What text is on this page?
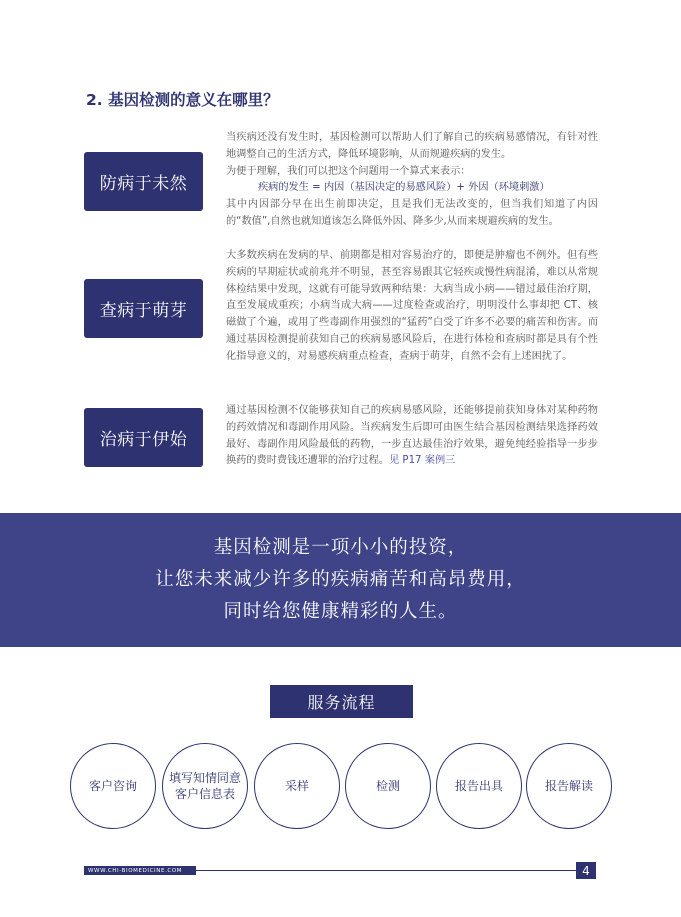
2. 基因检测的意义在哪里？
防病于未然

当疾病还没有发生时，基因检测可以帮助人们了解自己的疾病易感情况，有针对性地调整自己的生活方式，降低环境影响，从而规避疾病的发生。

为便于理解，我们可以把这个问题用一个算式来表示：

疾病的发生 = 内因（基因决定的易感风险）+ 外因（环境刺激）

其中内因部分早在出生前即决定，且是我们无法改变的，但当我们知道了内因的“数值”,自然也就知道该怎么降低外因、降多少,从而来规避疾病的发生。

查病于萌芽
大多数疾病在发病的早、前期都是相对容易治疗的，即便是肿瘤也不例外。但有些疾病的早期症状或前兆并不明显，甚至容易跟其它轻疾或慢性病混淆，难以从常规体检结果中发现，这就有可能导致两种结果：大病当成小病——错过最佳治疗期，直至发展成重疾；小病当成大病——过度检查或治疗，明明没什么事却把 CT、核磁做了个遍，或用了些毒副作用强烈的“猛药”白受了许多不必要的痛苦和伤害。而通过基因检测提前获知自己的疾病易感风险后，在进行体检和查病时都是具有个性化指导意义的，对易感疾病重点检查，查病于萌芽，自然不会有上述困扰了。
治病于伊始
通过基因检测不仅能够获知自己的疾病易感风险，还能够提前获知身体对某种药物的药效情况和毒副作用风险。当疾病发生后即可由医生结合基因检测结果选择药效最好、毒副作用风险最低的药物，一步直达最佳治疗效果，避免纯经验指导一步步换药的费时费钱还遭罪的治疗过程。见 P17 案例三
基因检测是一项小小的投资，
让您未来减少许多的疾病痛苦和高昂费用，
同时给您健康精彩的人生。
服务流程
客户咨询
填写知情同意
客户信息表
采样	检测	报告出具	报告解读
WWW.CHI-BIOMEDICINE.COM	4
